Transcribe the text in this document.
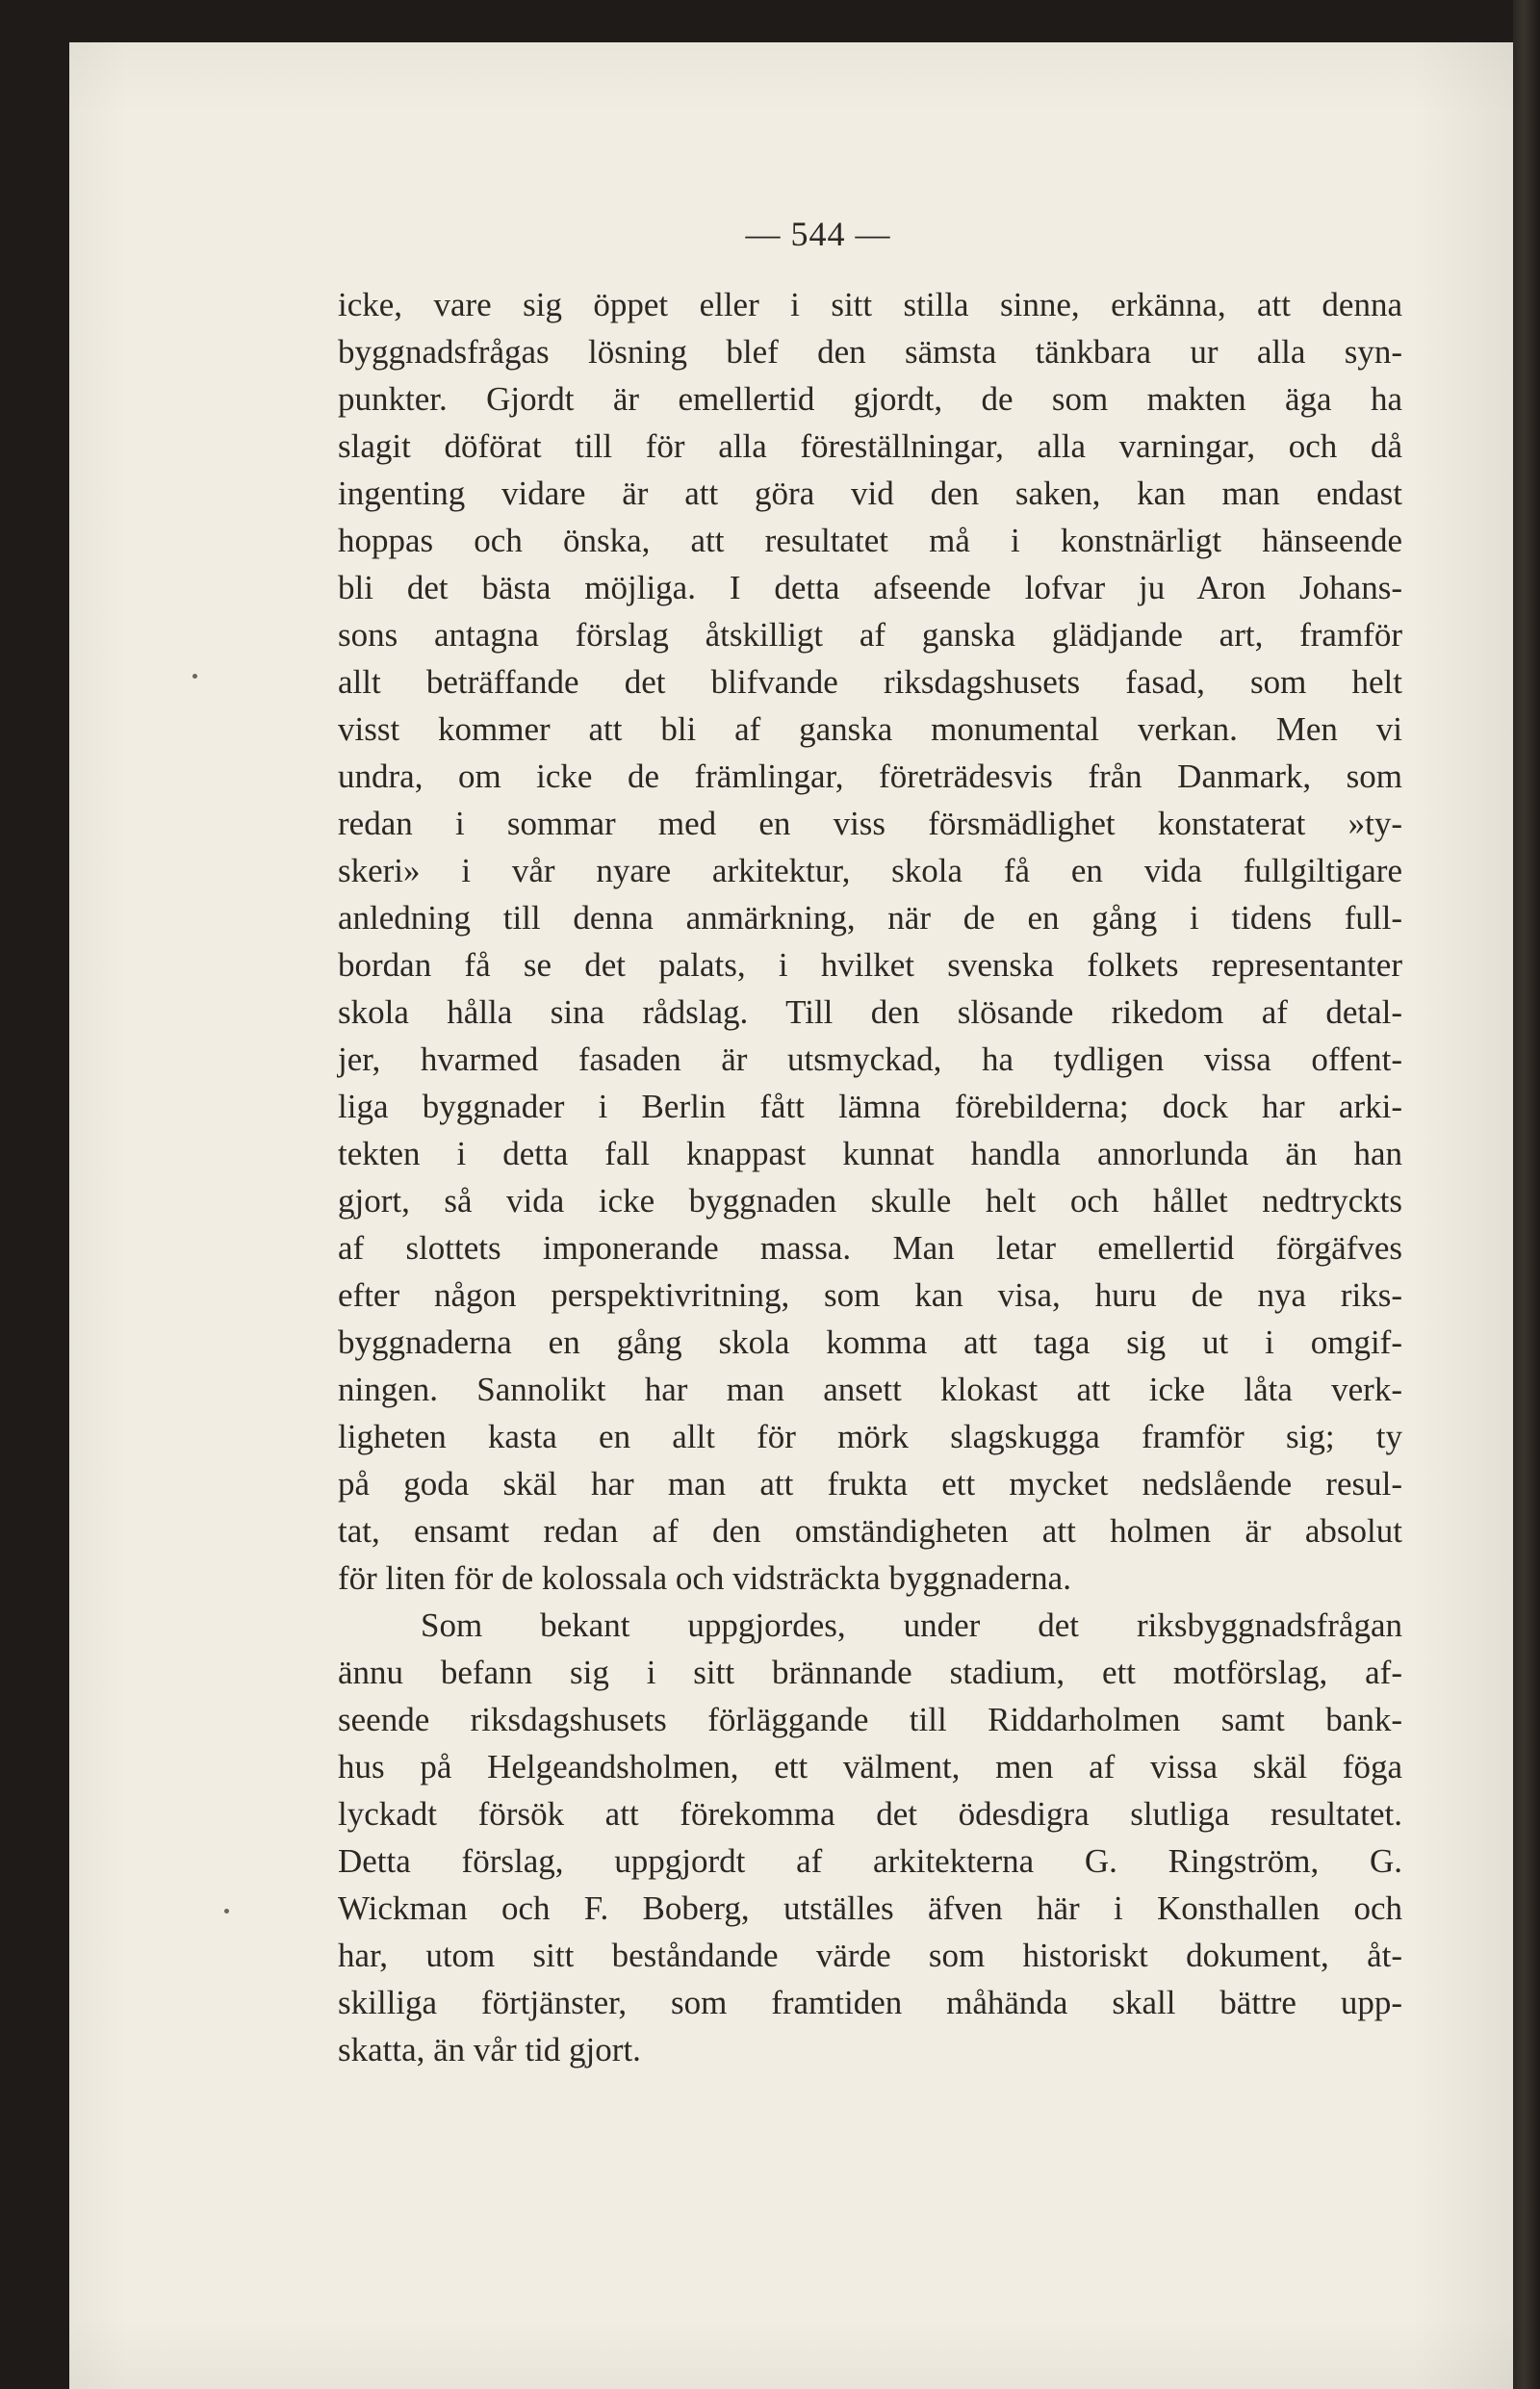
— 544 —
icke, vare sig öppet eller i sitt stilla sinne, erkänna, att denna
byggnadsfrågas lösning blef den sämsta tänkbara ur alla syn-
punkter. Gjordt är emellertid gjordt, de som makten äga ha
slagit döförat till för alla föreställningar, alla varningar, och då
ingenting vidare är att göra vid den saken, kan man endast
hoppas och önska, att resultatet må i konstnärligt hänseende
bli det bästa möjliga. I detta afseende lofvar ju Aron Johans-
sons antagna förslag åtskilligt af ganska glädjande art, framför
allt beträffande det blifvande riksdagshusets fasad, som helt
visst kommer att bli af ganska monumental verkan. Men vi
undra, om icke de främlingar, företrädesvis från Danmark, som
redan i sommar med en viss försmädlighet konstaterat »ty-
skeri» i vår nyare arkitektur, skola få en vida fullgiltigare
anledning till denna anmärkning, när de en gång i tidens full-
bordan få se det palats, i hvilket svenska folkets representanter
skola hålla sina rådslag. Till den slösande rikedom af detal-
jer, hvarmed fasaden är utsmyckad, ha tydligen vissa offent-
liga byggnader i Berlin fått lämna förebilderna; dock har arki-
tekten i detta fall knappast kunnat handla annorlunda än han
gjort, så vida icke byggnaden skulle helt och hållet nedtryckts
af slottets imponerande massa. Man letar emellertid förgäfves
efter någon perspektivritning, som kan visa, huru de nya riks-
byggnaderna en gång skola komma att taga sig ut i omgif-
ningen. Sannolikt har man ansett klokast att icke låta verk-
ligheten kasta en allt för mörk slagskugga framför sig; ty
på goda skäl har man att frukta ett mycket nedslående resul-
tat, ensamt redan af den omständigheten att holmen är absolut
för liten för de kolossala och vidsträckta byggnaderna.
Som bekant uppgjordes, under det riksbyggnadsfrågan
ännu befann sig i sitt brännande stadium, ett motförslag, af-
seende riksdagshusets förläggande till Riddarholmen samt bank-
hus på Helgeandsholmen, ett välment, men af vissa skäl föga
lyckadt försök att förekomma det ödesdigra slutliga resultatet.
Detta förslag, uppgjordt af arkitekterna G. Ringström, G.
Wickman och F. Boberg, utställes äfven här i Konsthallen och
har, utom sitt beståndande värde som historiskt dokument, åt-
skilliga förtjänster, som framtiden måhända skall bättre upp-
skatta, än vår tid gjort.
